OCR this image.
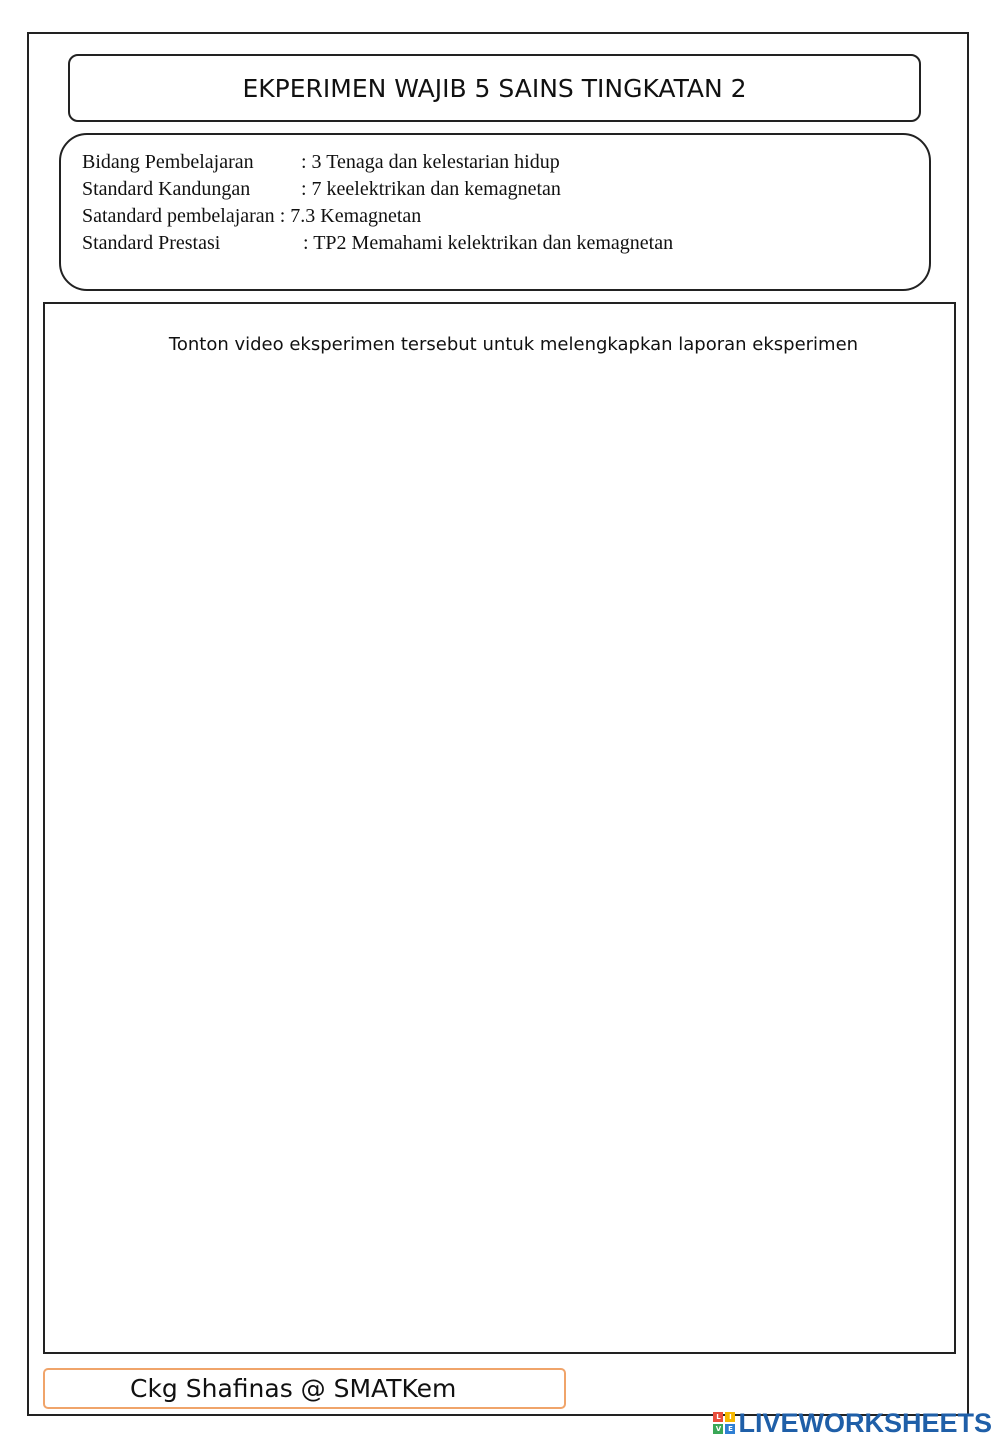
EKPERIMEN WAJIB 5 SAINS TINGKATAN 2
Bidang Pembelajaran	: 3 Tenaga dan kelestarian hidup
Standard Kandungan	: 7 keelektrikan dan kemagnetan
Satandard pembelajaran : 7.3 Kemagnetan
Standard Prestasi	: TP2 Memahami kelektrikan dan kemagnetan
Tonton video eksperimen tersebut untuk melengkapkan laporan eksperimen
Ckg Shafinas @ SMATKem
L	I
V E LIVEWORKSHEETS
